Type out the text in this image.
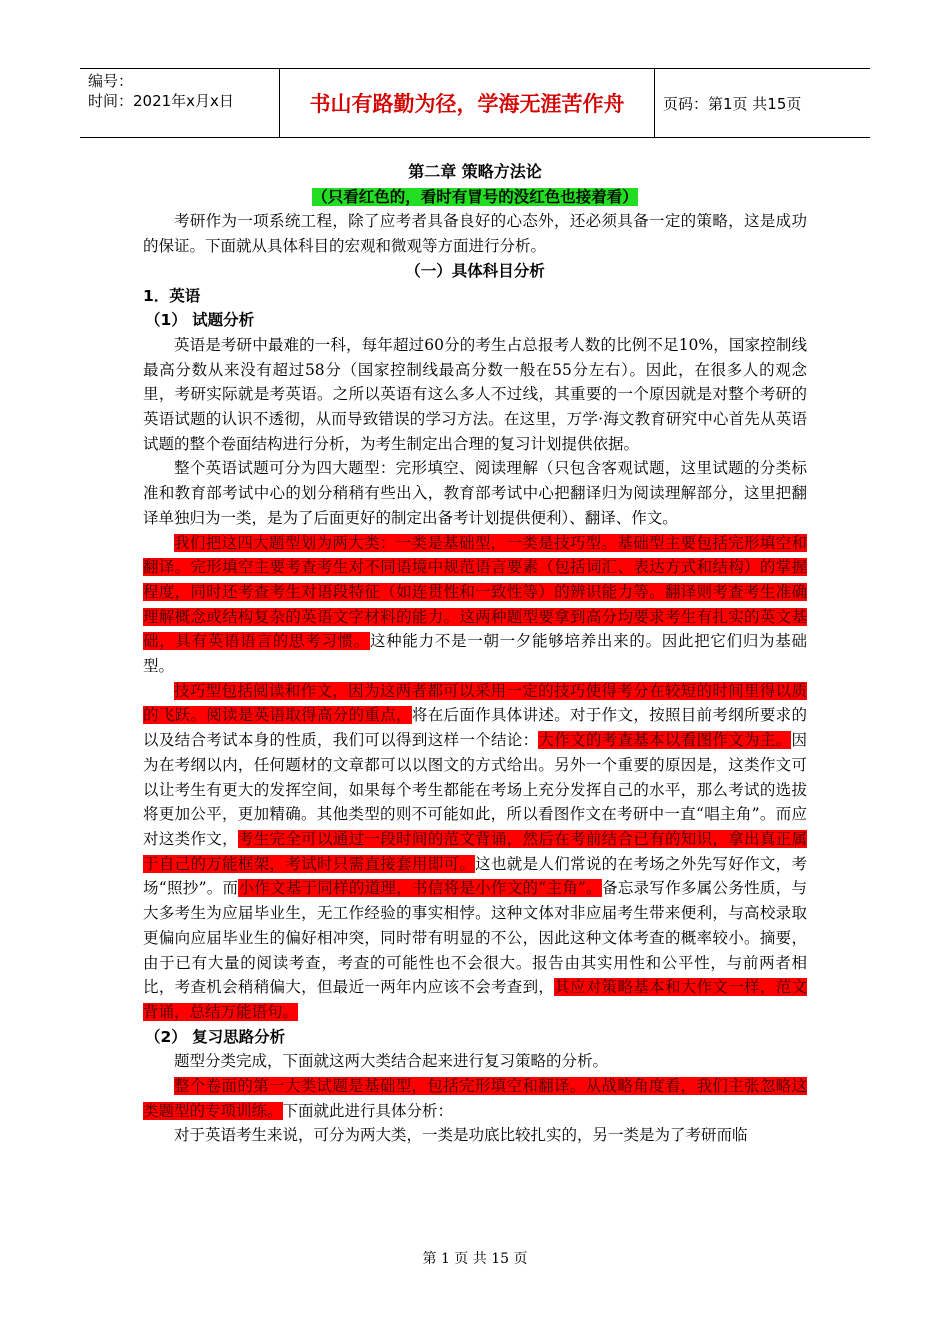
编号：
时间：2021年x月x日	书山有路勤为径，学海无涯苦作舟	页码：第1页 共15页

第二章 策略方法论

（只看红色的，看时有冒号的没红色也接着看）

考研作为一项系统工程，除了应考者具备良好的心态外，还必须具备一定的策略，这是成功的保证。下面就从具体科目的宏观和微观等方面进行分析。

（一）具体科目分析

1．英语

（1） 试题分析

英语是考研中最难的一科，每年超过60分的考生占总报考人数的比例不足10%，国家控制线最高分数从来没有超过58分（国家控制线最高分数一般在55分左右）。因此，在很多人的观念里，考研实际就是考英语。之所以英语有这么多人不过线，其重要的一个原因就是对整个考研的英语试题的认识不透彻，从而导致错误的学习方法。在这里，万学·海文教育研究中心首先从英语试题的整个卷面结构进行分析，为考生制定出合理的复习计划提供依据。

整个英语试题可分为四大题型：完形填空、阅读理解（只包含客观试题，这里试题的分类标准和教育部考试中心的划分稍稍有些出入，教育部考试中心把翻译归为阅读理解部分，这里把翻译单独归为一类，是为了后面更好的制定出备考计划提供便利）、翻译、作文。

我们把这四大题型划为两大类：一类是基础型，一类是技巧型。基础型主要包括完形填空和翻译。完形填空主要考查考生对不同语境中规范语言要素（包括词汇、表达方式和结构）的掌握程度，同时还考查考生对语段特征（如连贯性和一致性等）的辨识能力等。翻译则考查考生准确理解概念或结构复杂的英语文字材料的能力。这两种题型要拿到高分均要求考生有扎实的英文基础，具有英语语言的思考习惯。这种能力不是一朝一夕能够培养出来的。因此把它们归为基础型。

技巧型包括阅读和作文，因为这两者都可以采用一定的技巧使得考分在较短的时间里得以质的飞跃。阅读是英语取得高分的重点，将在后面作具体讲述。对于作文，按照目前考纲所要求的以及结合考试本身的性质，我们可以得到这样一个结论：大作文的考查基本以看图作文为主。因为在考纲以内，任何题材的文章都可以以图文的方式给出。另外一个重要的原因是，这类作文可以让考生有更大的发挥空间，如果每个考生都能在考场上充分发挥自己的水平，那么考试的选拔将更加公平，更加精确。其他类型的则不可能如此，所以看图作文在考研中一直“唱主角”。而应对这类作文，考生完全可以通过一段时间的范文背诵，然后在考前结合已有的知识，拿出真正属于自己的万能框架，考试时只需直接套用即可。这也就是人们常说的在考场之外先写好作文，考场“照抄”。而小作文基于同样的道理，书信将是小作文的“主角”。备忘录写作多属公务性质，与大多考生为应届毕业生，无工作经验的事实相悖。这种文体对非应届考生带来便利，与高校录取更偏向应届毕业生的偏好相冲突，同时带有明显的不公，因此这种文体考查的概率较小。摘要，由于已有大量的阅读考查，考查的可能性也不会很大。报告由其实用性和公平性，与前两者相比，考查机会稍稍偏大，但最近一两年内应该不会考查到，其应对策略基本和大作文一样，范文背诵，总结万能语句。

（2） 复习思路分析

题型分类完成，下面就这两大类结合起来进行复习策略的分析。

整个卷面的第一大类试题是基础型，包括完形填空和翻译。从战略角度看，我们主张忽略这类题型的专项训练。下面就此进行具体分析：

对于英语考生来说，可分为两大类，一类是功底比较扎实的，另一类是为了考研而临

第 1 页 共 15 页
